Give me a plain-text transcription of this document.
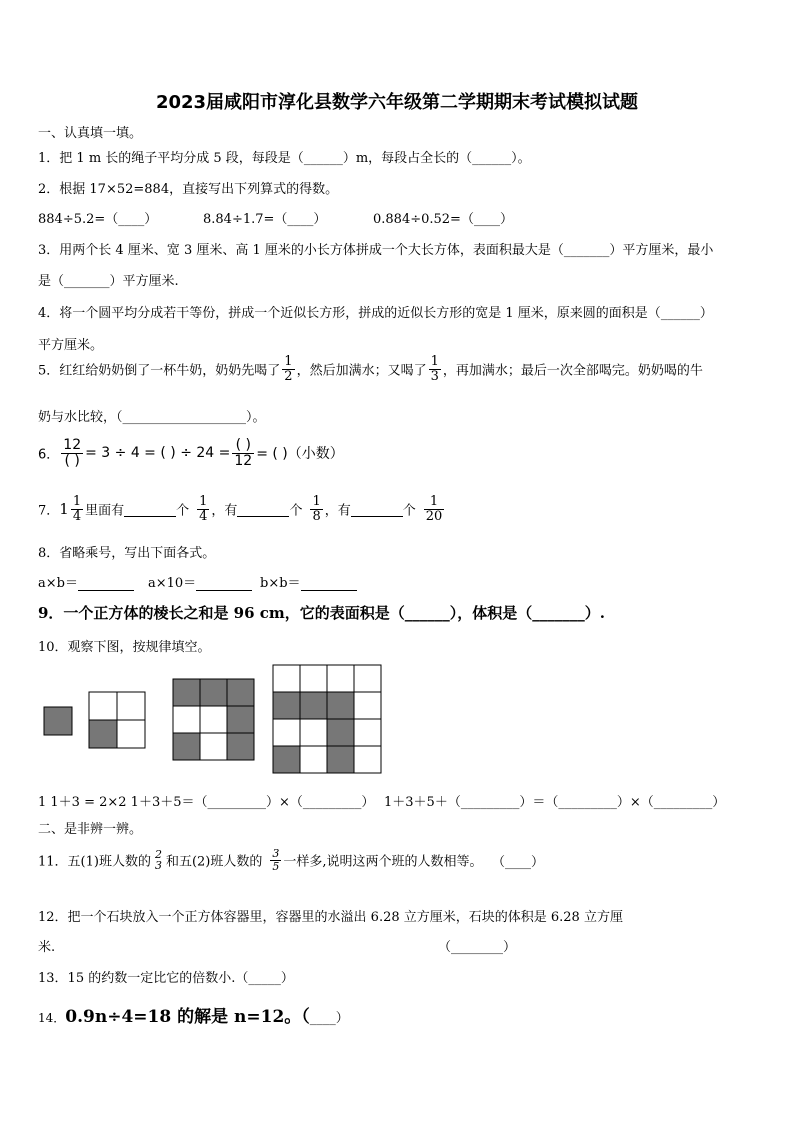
2023届咸阳市淳化县数学六年级第二学期期末考试模拟试题
一、认真填一填。
1．把 1 m 长的绳子平均分成 5 段，每段是（______）m，每段占全长的（______）。
2．根据 17×52=884，直接写出下列算式的得数。
884÷5.2=（____）	8.84÷1.7=（____）	0.884÷0.52=（____）
3．用两个长 4 厘米、宽 3 厘米、高 1 厘米的小长方体拼成一个大长方体，表面积最大是（_______）平方厘米，最小
是（_______）平方厘米.
4．将一个圆平均分成若干等份，拼成一个近似长方形，拼成的近似长方形的宽是 1 厘米，原来圆的面积是（______）
平方厘米。
5．红红给奶奶倒了一杯牛奶，奶奶先喝了 $\frac{1}{2}$ ，然后加满水；又喝了 $\frac{1}{3}$ ，再加满水；最后一次全部喝完。奶奶喝的牛
奶与水比较，（___________________）。
6． $\frac{12}{( )} = 3 \div 4$ = ( ) ÷ $24 = \frac{( )}{12}$ = ( )（小数）
7．$1 \frac{1}{4}$ 里面有	个 $\frac{1}{4}$ ，有	个 $\frac{1}{8}$ ，有	个 $\frac{1}{20}$
8．省略乘号，写出下面各式。
a×b＝	a×10＝	b×b＝
9．一个正方体的棱长之和是 96 cm，它的表面积是（______），体积是（_______）.
10．观察下图，按规律填空。
1 1＋3 = 2×2 1＋3＋5＝（_________）×（_________） 1＋3＋5＋（_________）＝（_________）×（_________）
二、是非辨一辨。
11．五(1)班人数的
2
3 和五(2)班人数的 $\frac{3}{5}$ 一样多,说明这两个班的人数相等。 （____）
12．把一个石块放入一个正方体容器里，容器里的水溢出 6.28 立方厘米，石块的体积是 6.28 立方厘
米.	（________）
13．15 的约数一定比它的倍数小.（_____）
14．0.9n÷4=18 的解是 n=12。（____）
